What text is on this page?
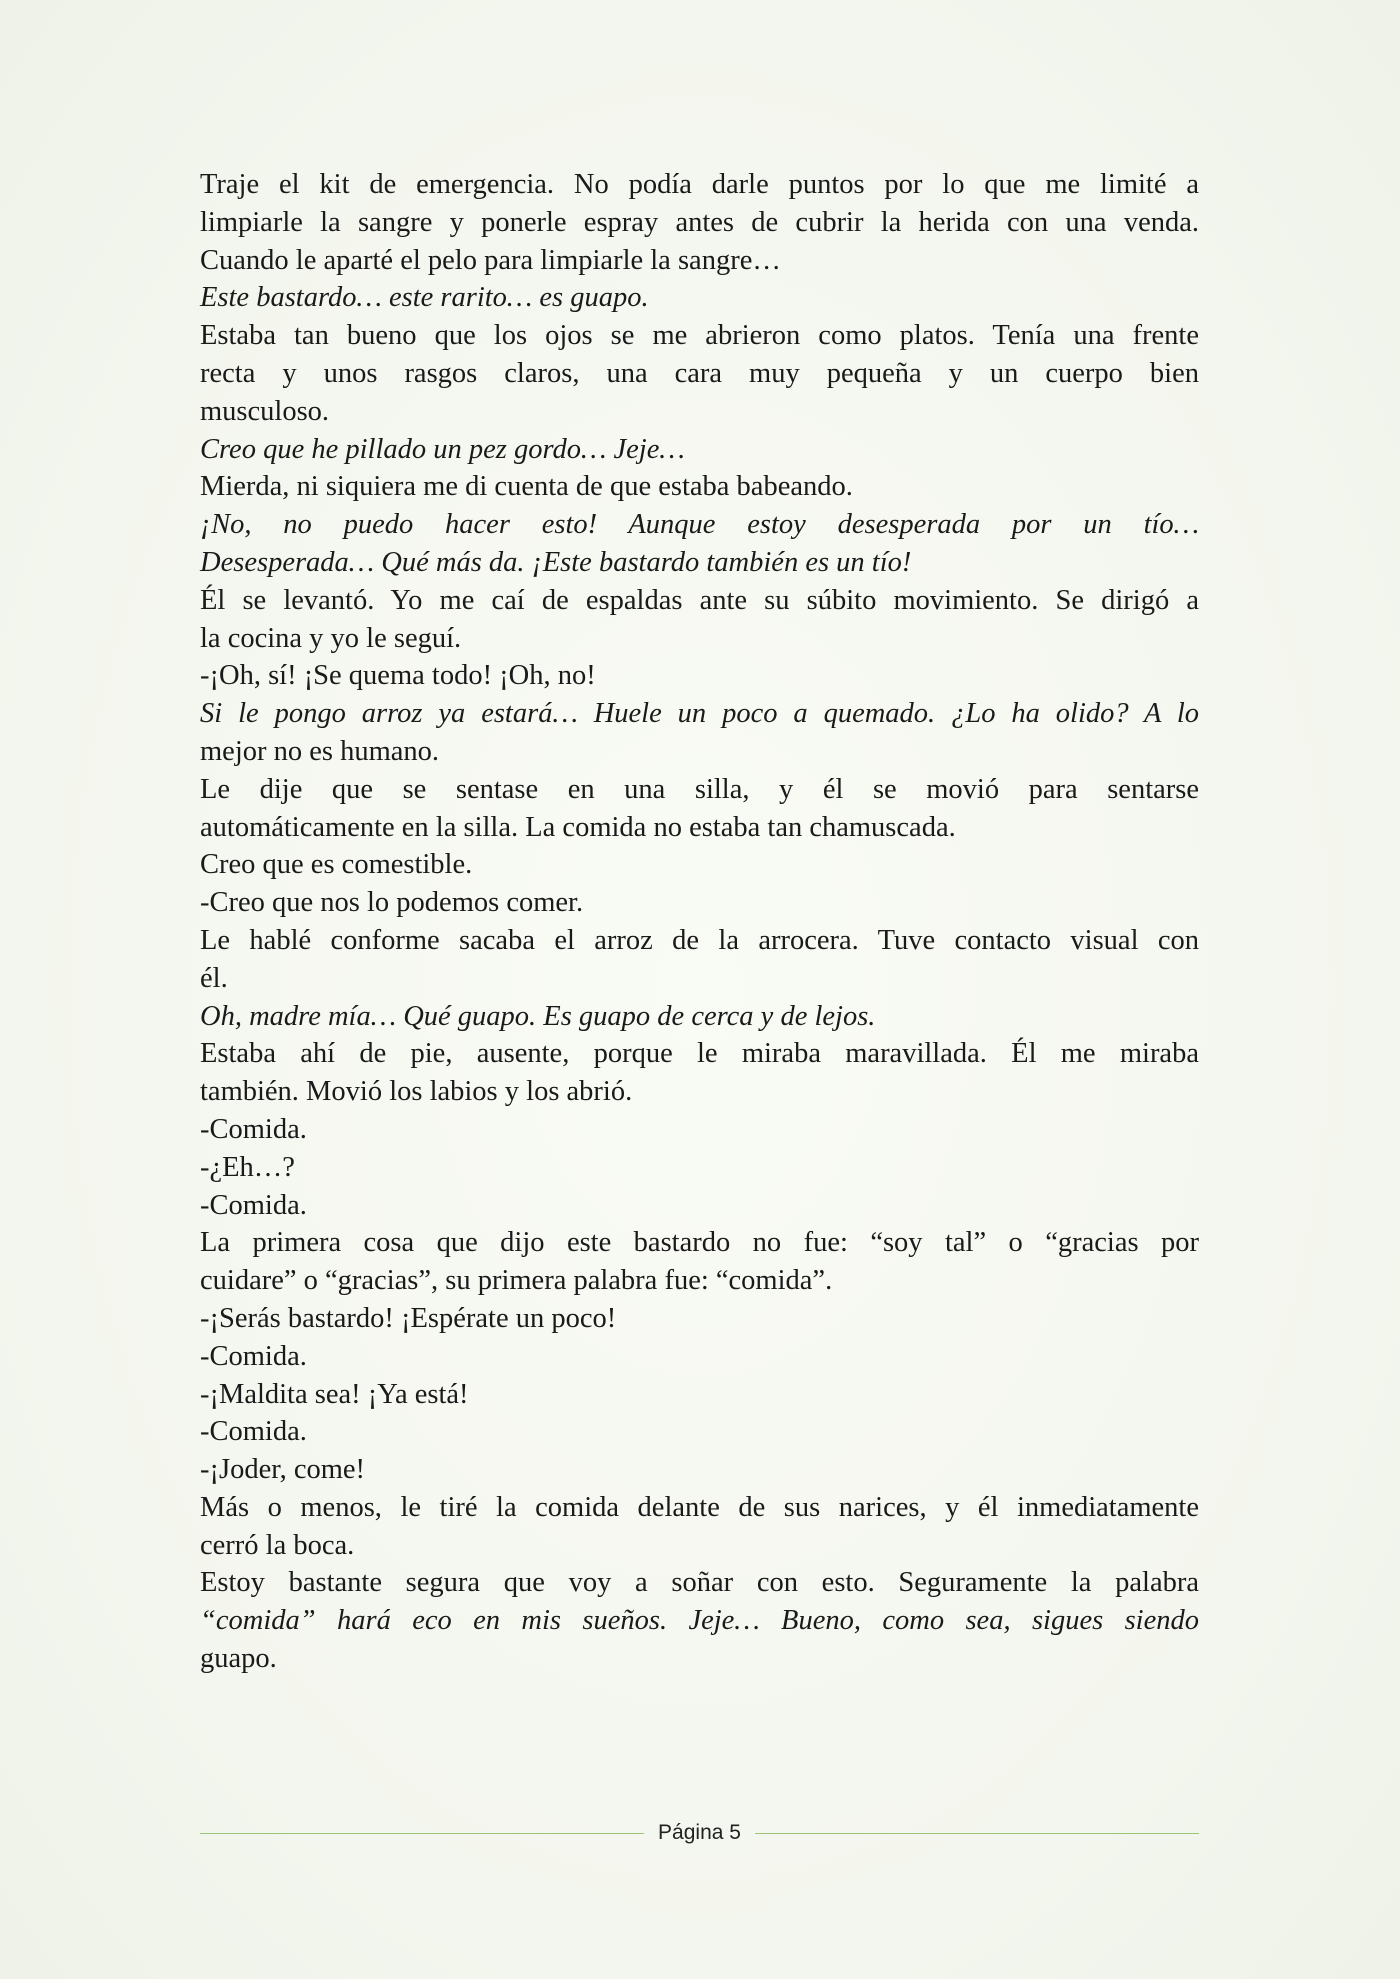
Traje el kit de emergencia. No podía darle puntos por lo que me limité a
limpiarle la sangre y ponerle espray antes de cubrir la herida con una venda.
Cuando le aparté el pelo para limpiarle la sangre…
Este bastardo… este rarito… es guapo.
Estaba tan bueno que los ojos se me abrieron como platos. Tenía una frente
recta y unos rasgos claros, una cara muy pequeña y un cuerpo bien
musculoso.
Creo que he pillado un pez gordo… Jeje…
Mierda, ni siquiera me di cuenta de que estaba babeando.
¡No, no puedo hacer esto! Aunque estoy desesperada por un tío…
Desesperada… Qué más da. ¡Este bastardo también es un tío!
Él se levantó. Yo me caí de espaldas ante su súbito movimiento. Se dirigó a
la cocina y yo le seguí.
-¡Oh, sí! ¡Se quema todo! ¡Oh, no!
Si le pongo arroz ya estará… Huele un poco a quemado. ¿Lo ha olido? A lo
mejor no es humano.
Le dije que se sentase en una silla, y él se movió para sentarse
automáticamente en la silla. La comida no estaba tan chamuscada.
Creo que es comestible.
-Creo que nos lo podemos comer.
Le hablé conforme sacaba el arroz de la arrocera. Tuve contacto visual con
él.
Oh, madre mía… Qué guapo. Es guapo de cerca y de lejos.
Estaba ahí de pie, ausente, porque le miraba maravillada. Él me miraba
también. Movió los labios y los abrió.
-Comida.
-¿Eh…?
-Comida.
La primera cosa que dijo este bastardo no fue: “soy tal” o “gracias por
cuidare” o “gracias”, su primera palabra fue: “comida”.
-¡Serás bastardo! ¡Espérate un poco!
-Comida.
-¡Maldita sea! ¡Ya está!
-Comida.
-¡Joder, come!
Más o menos, le tiré la comida delante de sus narices, y él inmediatamente
cerró la boca.
Estoy bastante segura que voy a soñar con esto. Seguramente la palabra
“comida” hará eco en mis sueños. Jeje… Bueno, como sea, sigues siendo
guapo.
Página 5
